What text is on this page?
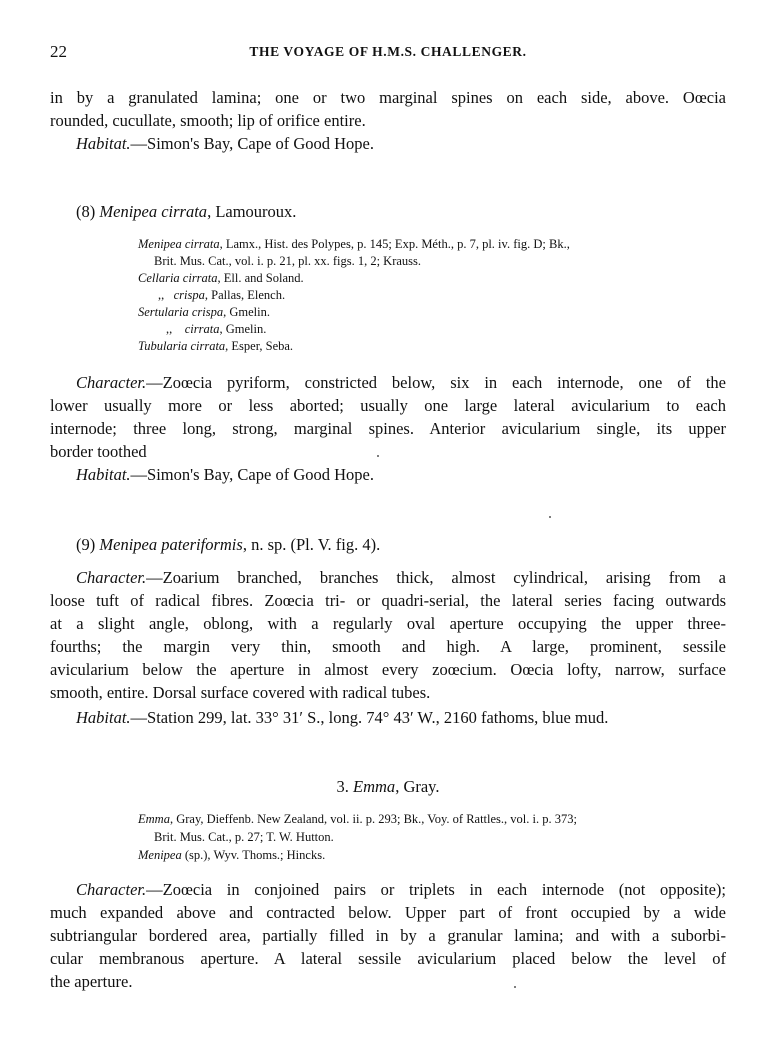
22	THE VOYAGE OF H.M.S. CHALLENGER.

in by a granulated lamina; one or two marginal spines on each side, above. Oœcia

rounded, cucullate, smooth; lip of orifice entire.

Habitat.—Simon's Bay, Cape of Good Hope.

(8) Menipea cirrata, Lamouroux.

Menipea cirrata, Lamx., Hist. des Polypes, p. 145; Exp. Méth., p. 7, pl. iv. fig. D; Bk.,

Brit. Mus. Cat., vol. i. p. 21, pl. xx. figs. 1, 2; Krauss.

Cellaria cirrata, Ell. and Soland.

,, crispa, Pallas, Elench.

Sertularia crispa, Gmelin.

,, cirrata, Gmelin.

Tubularia cirrata, Esper, Seba.

Character.—Zoœcia pyriform, constricted below, six in each internode, one of the

lower usually more or less aborted; usually one large lateral avicularium to each

internode; three long, strong, marginal spines. Anterior avicularium single, its upper

border toothed

Habitat.—Simon's Bay, Cape of Good Hope.

(9) Menipea pateriformis, n. sp. (Pl. V. fig. 4).

Character.—Zoarium branched, branches thick, almost cylindrical, arising from a

loose tuft of radical fibres. Zoœcia tri- or quadri-serial, the lateral series facing outwards

at a slight angle, oblong, with a regularly oval aperture occupying the upper three-

fourths; the margin very thin, smooth and high. A large, prominent, sessile

avicularium below the aperture in almost every zoœcium. Oœcia lofty, narrow, surface

smooth, entire. Dorsal surface covered with radical tubes.

Habitat.—Station 299, lat. 33° 31′ S., long. 74° 43′ W., 2160 fathoms, blue mud.

3. Emma, Gray.

Emma, Gray, Dieffenb. New Zealand, vol. ii. p. 293; Bk., Voy. of Rattles., vol. i. p. 373;

Brit. Mus. Cat., p. 27; T. W. Hutton.

Menipea (sp.), Wyv. Thoms.; Hincks.

Character.—Zoœcia in conjoined pairs or triplets in each internode (not opposite);

much expanded above and contracted below. Upper part of front occupied by a wide

subtriangular bordered area, partially filled in by a granular lamina; and with a suborbi-

cular membranous aperture. A lateral sessile avicularium placed below the level of

the aperture.
